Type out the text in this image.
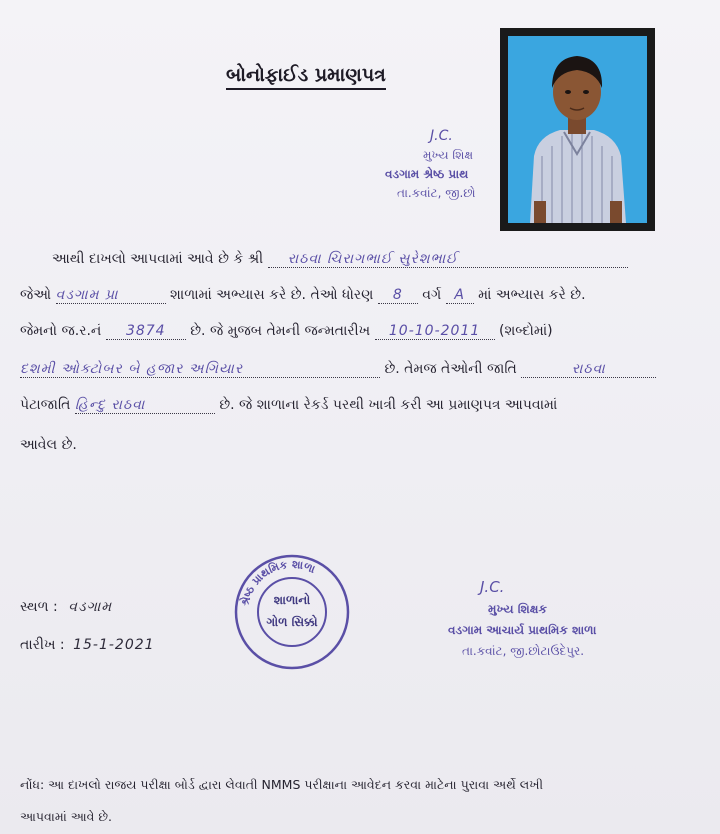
બોનોફાઈડ પ્રમાણપત્ર
J.C.
મુખ્ય શિક્ષ
વડગામ શ્રેષ્ઠ પ્રાથ
તા.કવાંટ, જી.છો
આથી દાખલો આપવામાં આવે છે કે શ્રી રાઠવા ચિરાગભાઈ સુરેશભાઈ
જેઓ વડગામ પ્રા	શાળામાં અભ્યાસ કરે છે. તેઓ ધોરણ 8 વર્ગ A માં અભ્યાસ કરે છે.
જેમનો જ.ર.નં 3874 છે. જે મુજબ તેમની જન્મતારીખ 10-10-2011 (શબ્દોમાં)
દશમી ઓક્ટોબર બે હજાર અગિયાર	છે. તેમજ તેઓની જાતિ	રાઠવા
પેટાજાતિ હિન્દુ રાઠવા	છે. જે શાળાના રેકર્ડ પરથી ખાત્રી કરી આ પ્રમાણપત્ર આપવામાં
આવેલ છે.
સ્થળ : વડગામ
તારીખ : 15-1-2021
શ્રેષ્ઠ પ્રાથમિક શાળા
શાળાનો
ગોળ સિક્કો
J.C.
મુખ્ય શિક્ષક
વડગામ આચાર્ય પ્રાથમિક શાળા
તા.કવાંટ, જી.છોટાઉદેપુર.
નોંધ: આ દાખલો રાજય પરીક્ષા બોર્ડ દ્વારા લેવાતી NMMS પરીક્ષાના આવેદન કરવા માટેના પુરાવા અર્થે લખી
આપવામાં આવે છે.
